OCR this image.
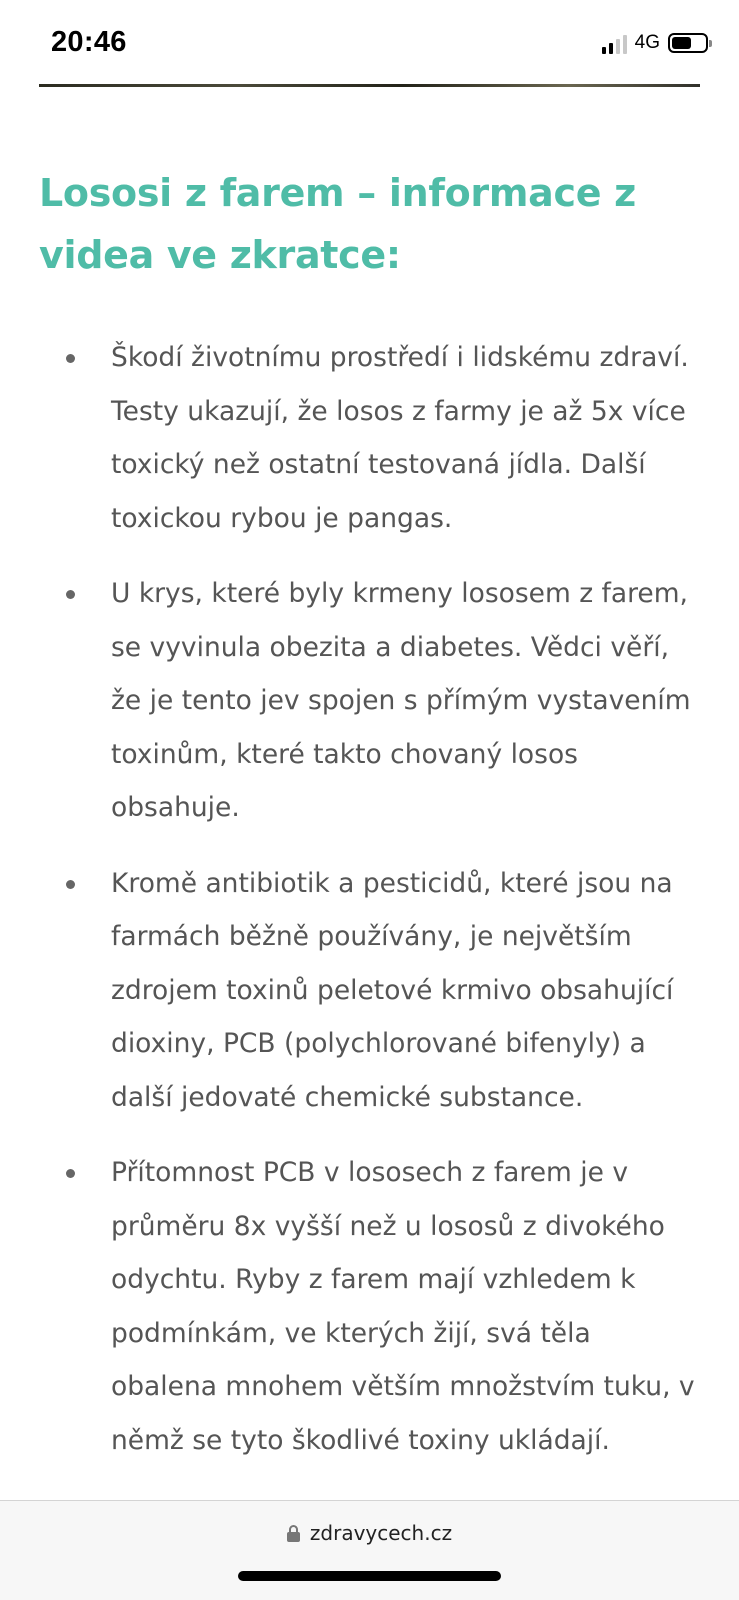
Lososi z farem – informace z videa ve zkratce:
Škodí životnímu prostředí i lidskému zdraví. Testy ukazují, že losos z farmy je až 5x více toxický než ostatní testovaná jídla. Další toxickou rybou je pangas.
U krys, které byly krmeny lososem z farem, se vyvinula obezita a diabetes. Vědci věří, že je tento jev spojen s přímým vystavením toxinům, které takto chovaný losos obsahuje.
Kromě antibiotik a pesticidů, které jsou na farmách běžně používány, je největším zdrojem toxinů peletové krmivo obsahující dioxiny, PCB (polychlorované bifenyly) a další jedovaté chemické substance.
Přítomnost PCB v lososech z farem je v průměru 8x vyšší než u lososů z divokého odychtu. Ryby z farem mají vzhledem k podmínkám, ve kterých žijí, svá těla obalena mnohem větším množstvím tuku, v němž se tyto škodlivé toxiny ukládají.
20:46	4G
zdravycech.cz
